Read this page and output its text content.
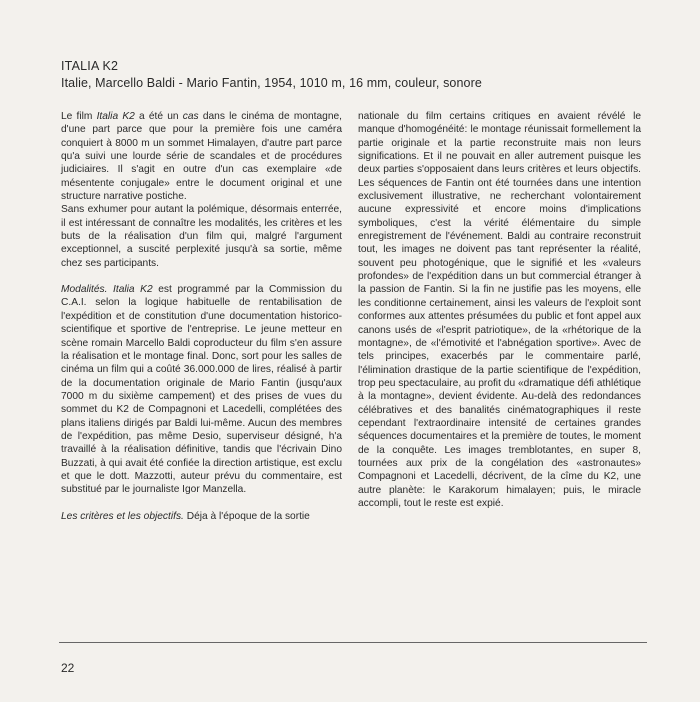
ITALIA K2
Italie, Marcello Baldi - Mario Fantin, 1954, 1010 m, 16 mm, couleur, sonore

Le film Italia K2 a été un cas dans le cinéma de montagne, d'une part parce que pour la première fois une caméra conquiert à 8000 m un sommet Himalayen, d'autre part parce qu'a suivi une lourde série de scandales et de procédures judiciaires. Il s'agit en outre d'un cas exemplaire «de mésentente conjugale» entre le document original et une structure narrative postiche.

Sans exhumer pour autant la polémique, désormais enterrée, il est intéressant de connaître les modalités, les critères et les buts de la réalisation d'un film qui, malgré l'argument exceptionnel, a suscité perplexité jusqu'à sa sortie, même chez ses participants.

Modalités. Italia K2 est programmé par la Commission du C.A.I. selon la logique habituelle de rentabilisation de l'expédition et de constitution d'une documentation historico-scientifique et sportive de l'entreprise. Le jeune metteur en scène romain Marcello Baldi coproducteur du film s'en assure la réalisation et le montage final. Donc, sort pour les salles de cinéma un film qui a coûté 36.000.000 de lires, réalisé à partir de la documentation originale de Mario Fantin (jusqu'aux 7000 m du sixième campement) et des prises de vues du sommet du K2 de Compagnoni et Lacedelli, complétées des plans italiens dirigés par Baldi lui-même. Aucun des membres de l'expédition, pas même Desio, superviseur désigné, h'a travaillé à la réalisation définitive, tandis que l'écrivain Dino Buzzati, à qui avait été confiée la direction artistique, est exclu et que le dott. Mazzotti, auteur prévu du commentaire, est substitué par le journaliste Igor Manzella.

Les critères et les objectifs. Déja à l'époque de la sortie

nationale du film certains critiques en avaient révélé le manque d'homogénéité: le montage réunissait formellement la partie originale et la partie reconstruite mais non leurs significations. Et il ne pouvait en aller autrement puisque les deux parties s'opposaient dans leurs critères et leurs objectifs. Les séquences de Fantin ont été tournées dans une intention exclusivement illustrative, ne recherchant volontairement aucune expressivité et encore moins d'implications symboliques, c'est la vérité élémentaire du simple enregistrement de l'événement. Baldi au contraire reconstruit tout, les images ne doivent pas tant représenter la réalité, souvent peu photogénique, que le signifié et les «valeurs profondes» de l'expédition dans un but commercial étranger à la passion de Fantin. Si la fin ne justifie pas les moyens, elle les conditionne certainement, ainsi les valeurs de l'exploit sont conformes aux attentes présumées du public et font appel aux canons usés de «l'esprit patriotique», de la «rhétorique de la montagne», de «l'émotivité et l'abnégation sportive». Avec de tels principes, exacerbés par le commentaire parlé, l'élimination drastique de la partie scientifique de l'expédition, trop peu spectaculaire, au profit du «dramatique défi athlétique à la montagne», devient évidente. Au-delà des redondances célébratives et des banalités cinématographiques il reste cependant l'extraordinaire intensité de certaines grandes séquences documentaires et la première de toutes, le moment de la conquête. Les images tremblotantes, en super 8, tournées aux prix de la congélation des «astronautes» Compagnoni et Lacedelli, décrivent, de la cîme du K2, une autre planète: le Karakorum himalayen; puis, le miracle accompli, tout le reste est expié.

22
